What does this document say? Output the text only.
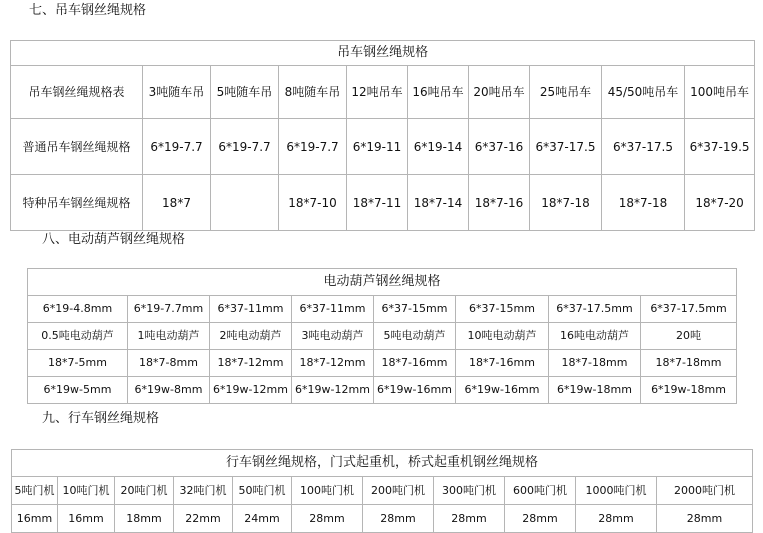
七、吊车钢丝绳规格
吊车钢丝绳规格									
吊车钢丝绳规格表	3吨随车吊	5吨随车吊	8吨随车吊	12吨吊车	16吨吊车	20吨吊车	25吨吊车	45/50吨吊车	100吨吊车
普通吊车钢丝绳规格	6*19-7.7	6*19-7.7	6*19-7.7	6*19-11	6*19-14	6*37-16	6*37-17.5	6*37-17.5	6*37-19.5
特种吊车钢丝绳规格	18*7		18*7-10	18*7-11	18*7-14	18*7-16	18*7-18	18*7-18	18*7-20
八、电动葫芦钢丝绳规格
电动葫芦钢丝绳规格							
6*19-4.8mm	6*19-7.7mm	6*37-11mm	6*37-11mm	6*37-15mm	6*37-15mm	6*37-17.5mm	6*37-17.5mm
0.5吨电动葫芦	1吨电动葫芦	2吨电动葫芦	3吨电动葫芦	5吨电动葫芦	10吨电动葫芦	16吨电动葫芦	20吨
18*7-5mm	18*7-8mm	18*7-12mm	18*7-12mm	18*7-16mm	18*7-16mm	18*7-18mm	18*7-18mm
6*19w-5mm	6*19w-8mm	6*19w-12mm	6*19w-12mm	6*19w-16mm	6*19w-16mm	6*19w-18mm	6*19w-18mm
九、行车钢丝绳规格
行车钢丝绳规格，门式起重机，桥式起重机钢丝绳规格										
5吨门机	10吨门机	20吨门机	32吨门机	50吨门机	100吨门机	200吨门机	300吨门机	600吨门机	1000吨门机	2000吨门机
16mm	16mm	18mm	22mm	24mm	28mm	28mm	28mm	28mm	28mm	28mm
